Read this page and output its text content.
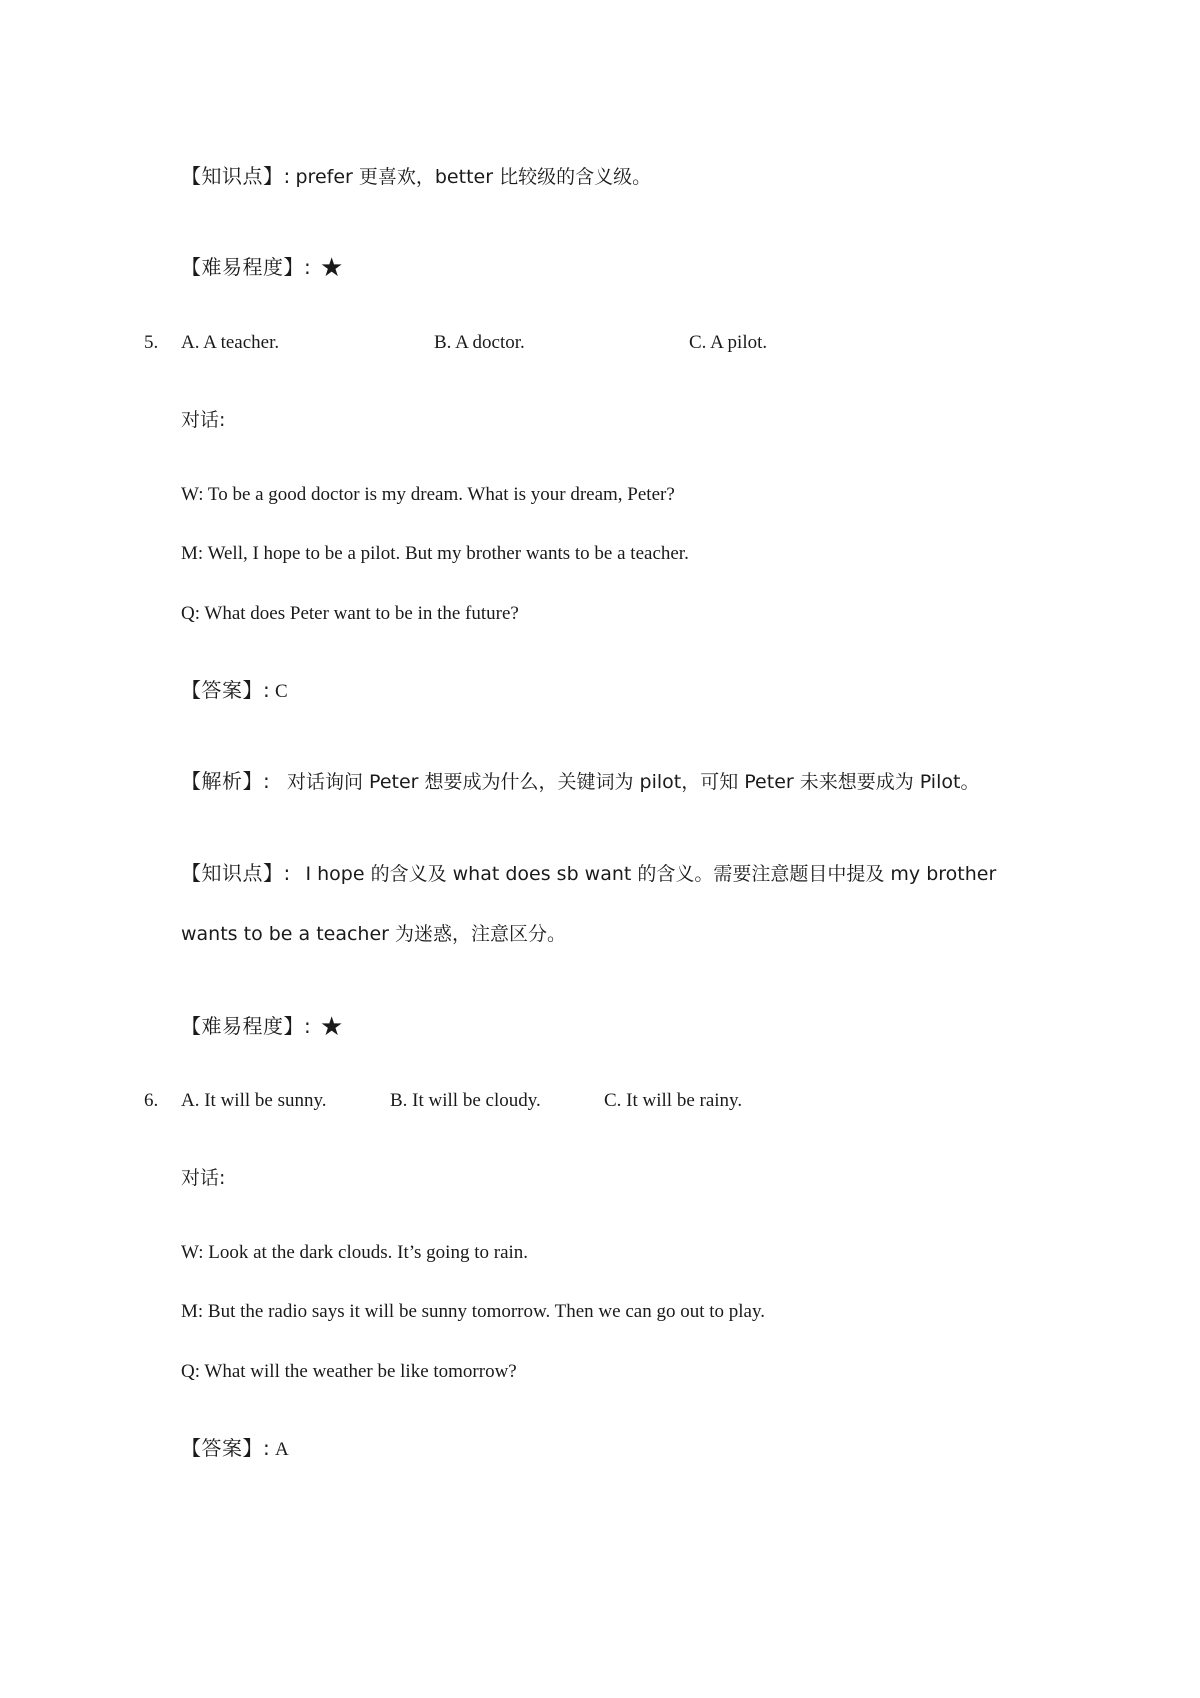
【知识点】: prefer 更喜欢，better 比较级的含义级。
【难易程度】: ★
5. A. A teacher.	B. A doctor.	C. A pilot.
对话:
W: To be a good doctor is my dream. What is your dream, Peter?
M: Well, I hope to be a pilot. But my brother wants to be a teacher.
Q: What does Peter want to be in the future?
【答案】: C
【解析】: 对话询问 Peter 想要成为什么，关键词为 pilot，可知 Peter 未来想要成为 Pilot。
【知识点】: I hope 的含义及 what does sb want 的含义。需要注意题目中提及 my brother
wants to be a teacher 为迷惑，注意区分。
【难易程度】: ★
6. A. It will be sunny.	B. It will be cloudy.	C. It will be rainy.
对话:
W: Look at the dark clouds. It’s going to rain.
M: But the radio says it will be sunny tomorrow. Then we can go out to play.
Q: What will the weather be like tomorrow?
【答案】: A
